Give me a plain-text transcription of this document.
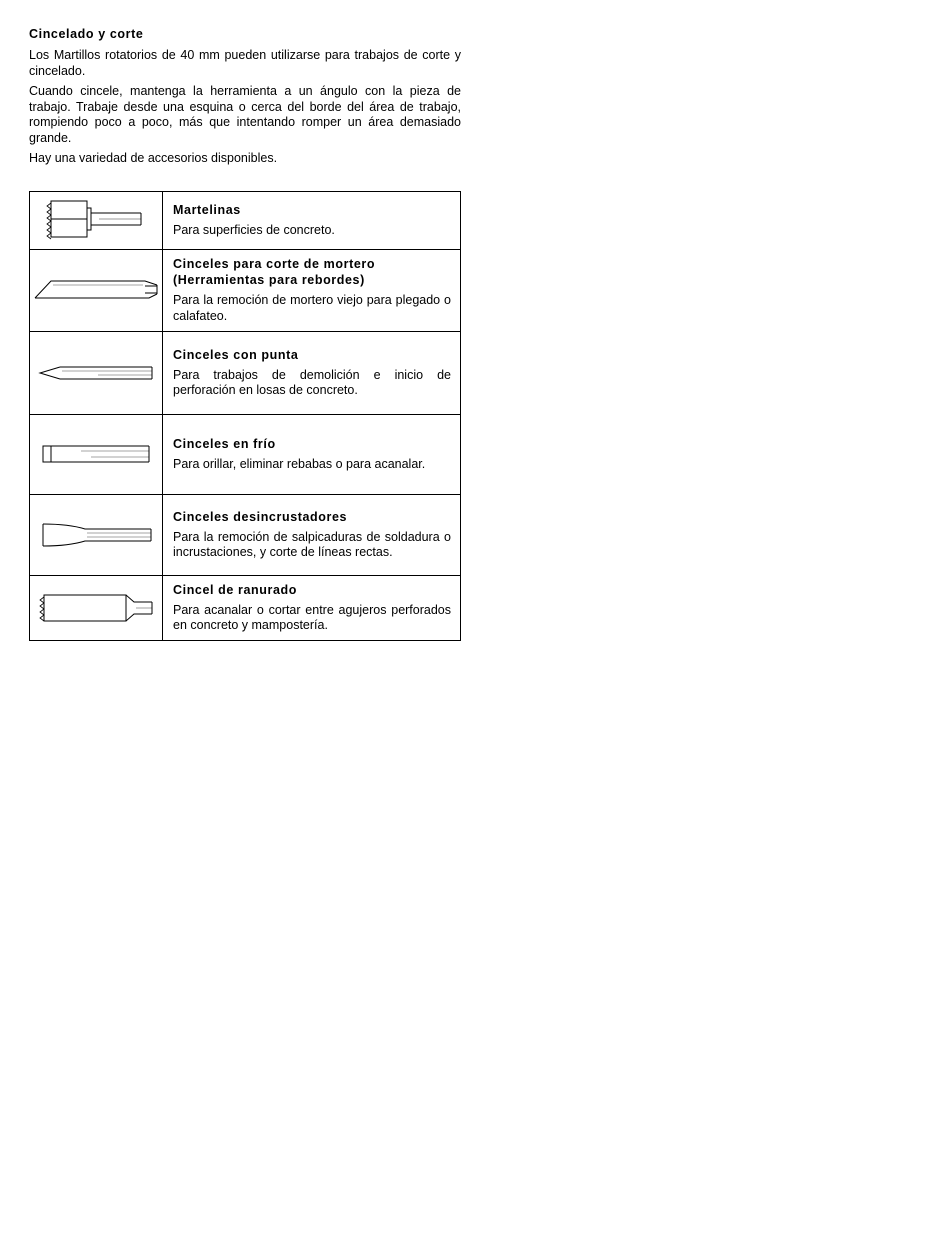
Cincelado y corte

Los Martillos rotatorios de 40 mm pueden utilizarse para trabajos de corte y cincelado.

Cuando cincele, mantenga la herramienta a un ángulo con la pieza de trabajo. Trabaje desde una esquina o cerca del borde del área de trabajo, rompiendo poco a poco, más que intentando romper un área demasiado grande.

Hay una variedad de accesorios disponibles.

Martelinas

Para superficies de concreto.

Cinceles para corte de mortero
(Herramientas para rebordes)

Para la remoción de mortero viejo para plegado o calafateo.

Cinceles con punta

Para trabajos de demolición e inicio de perforación en losas de concreto.

Cinceles en frío

Para orillar, eliminar rebabas o para acanalar.

Cinceles desincrustadores

Para la remoción de salpicaduras de soldadura o incrustaciones, y corte de líneas rectas.

Cincel de ranurado

Para acanalar o cortar entre agujeros perforados en concreto y mampostería.
